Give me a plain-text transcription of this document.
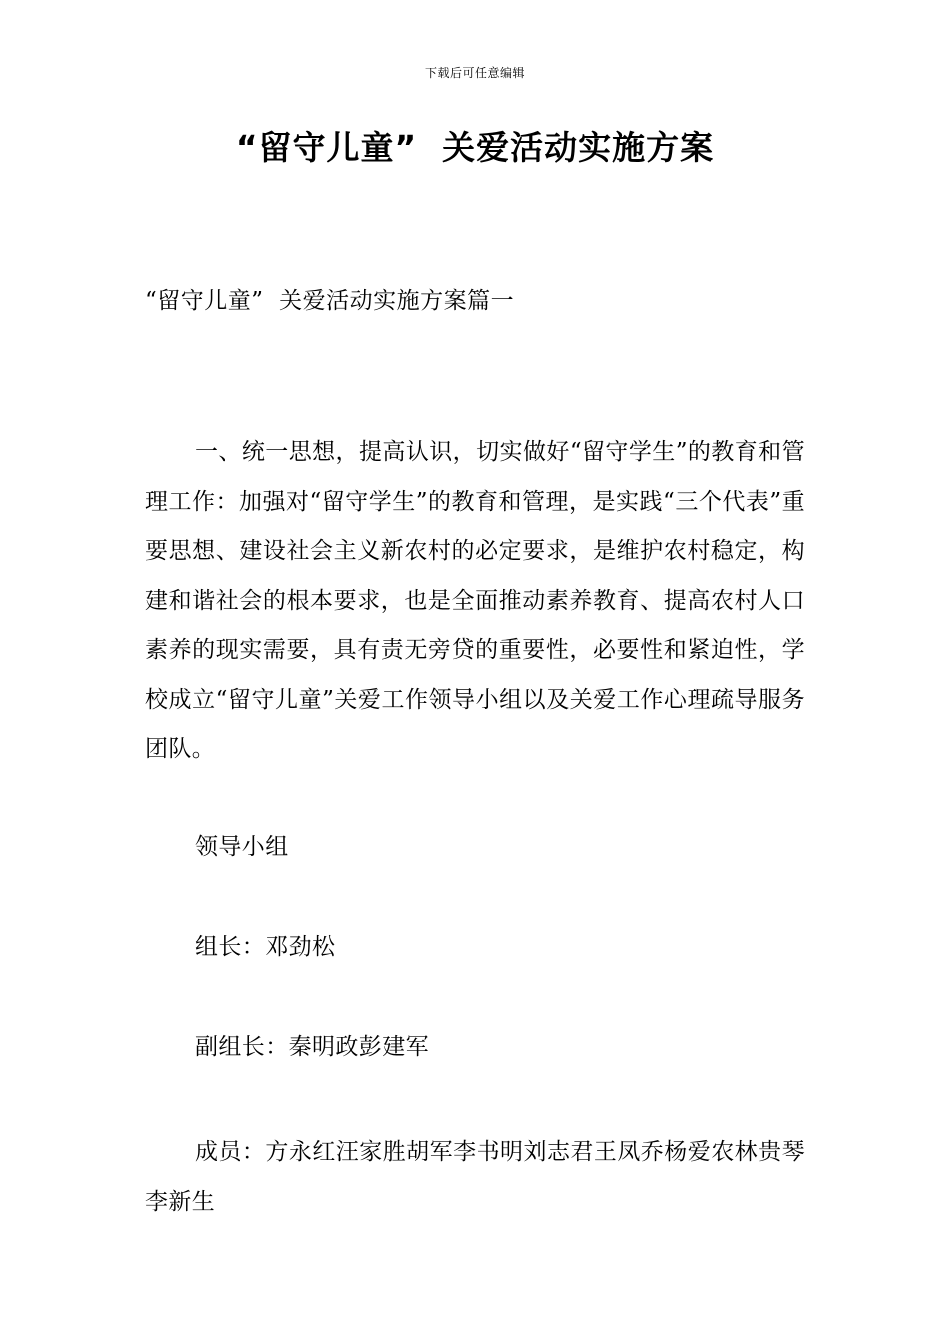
下载后可任意编辑
“留守儿童”  关爱活动实施方案
“留守儿童”  关爱活动实施方案篇一
一、统一思想，提高认识，切实做好“留守学生”的教育和管理工作：加强对“留守学生”的教育和管理，是实践“三个代表”重要思想、建设社会主义新农村的必定要求，是维护农村稳定，构建和谐社会的根本要求，也是全面推动素养教育、提高农村人口素养的现实需要，具有责无旁贷的重要性，必要性和紧迫性，学校成立“留守儿童”关爱工作领导小组以及关爱工作心理疏导服务团队。
领导小组
组长：邓劲松
副组长：秦明政彭建军
成员：方永红汪家胜胡军李书明刘志君王凤乔杨爱农林贵琴李新生
